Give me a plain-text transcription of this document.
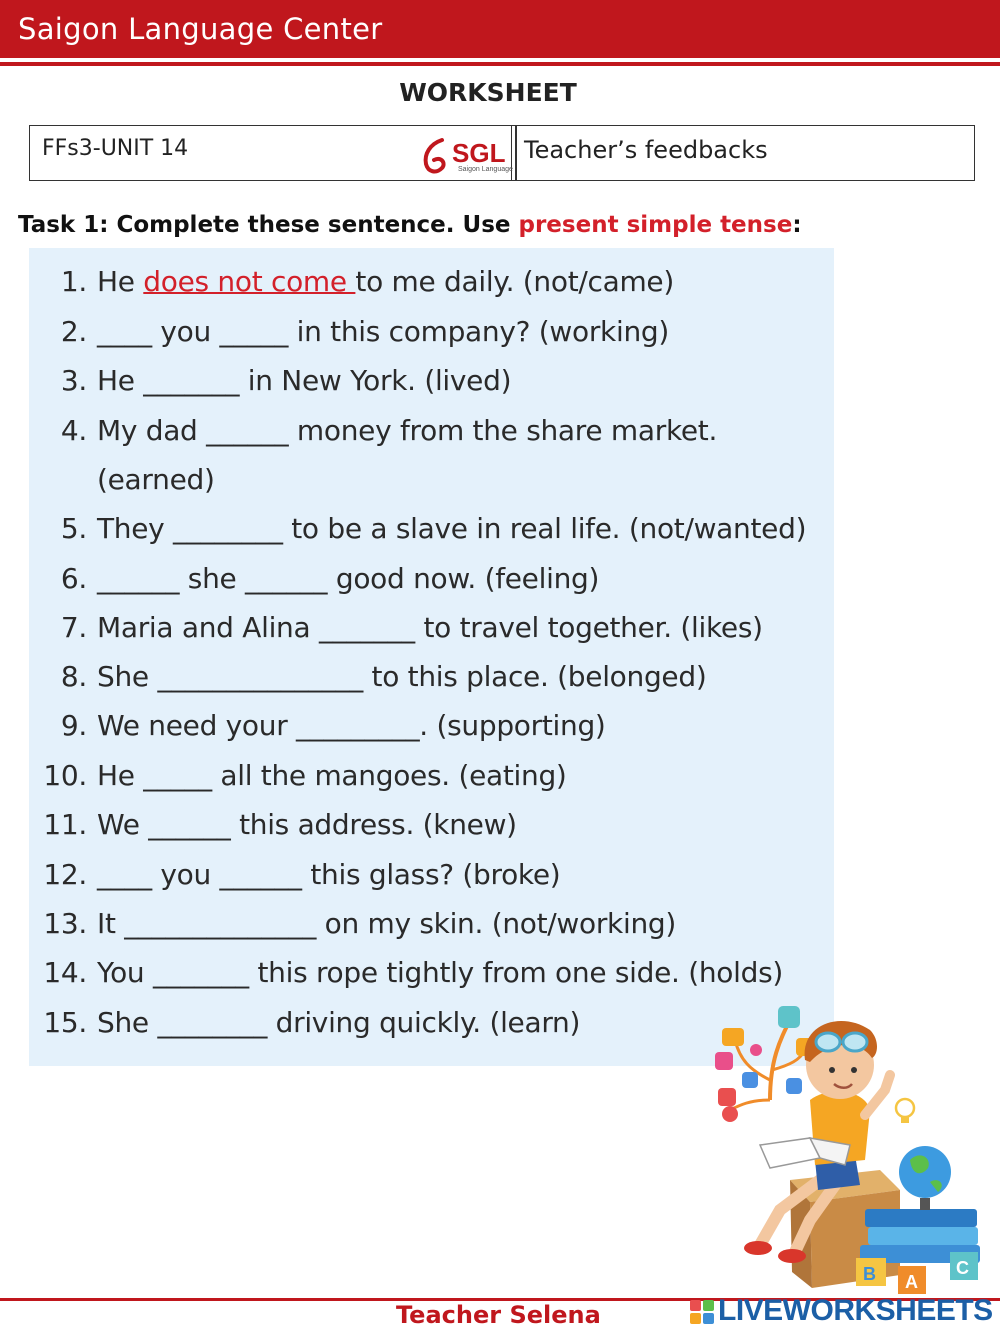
Saigon Language Center
WORKSHEET
FFs3-UNIT 14	SGL
Saigon Language
Teacher’s feedbacks
Task 1: Complete these sentence. Use present simple tense:
1. He does not come to me daily. (not/came)
2. ____ you _____ in this company? (working)
3. He _______ in New York. (lived)
4. My dad ______ money from the share market.
(earned)
5. They ________ to be a slave in real life. (not/wanted)
6. ______ she ______ good now. (feeling)
7. Maria and Alina _______ to travel together. (likes)
8. She _______________ to this place. (belonged)
9. We need your _________. (supporting)
10. He _____ all the mangoes. (eating)
11. We ______ this address. (knew)
12. ____ you ______ this glass? (broke)
13. It ______________ on my skin. (not/working)
14. You _______ this rope tightly from one side. (holds)
15. She ________ driving quickly. (learn)
B A
C
Teacher Selena	LIVEWORKSHEETS
